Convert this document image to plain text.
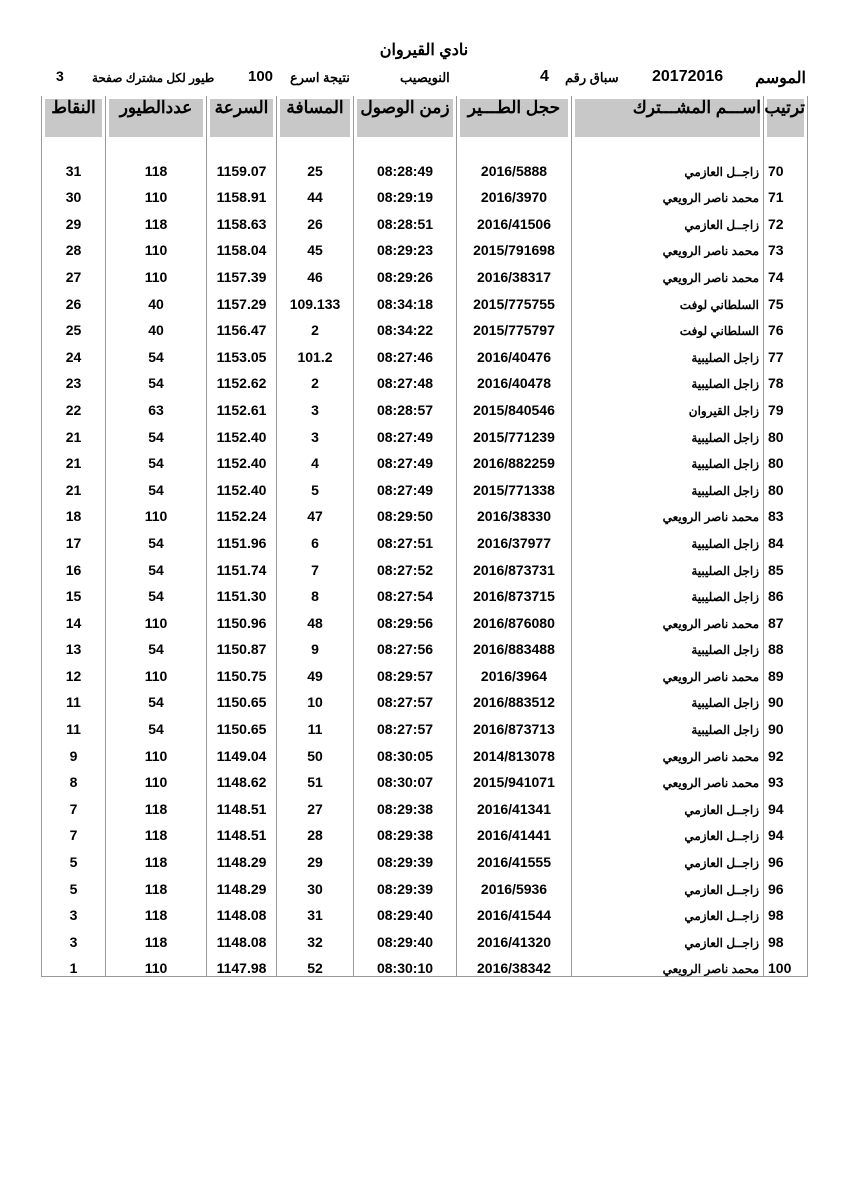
نادي القيروان
الموسم
20172016
سباق رقم
4
النويصيب
نتيجة اسرع
100
طيور لكل مشترك صفحة
3
ترتيب	اســـم المشـــترك	حجل الطـــير	زمن الوصول	المسافة	السرعة	عددالطيور	النقاط
70	زاجــل العازمي	2016/5888	08:28:49	25	1159.07	118	31
71	محمد ناصر الرويعي	2016/3970	08:29:19	44	1158.91	110	30
72	زاجــل العازمي	2016/41506	08:28:51	26	1158.63	118	29
73	محمد ناصر الرويعي	2015/791698	08:29:23	45	1158.04	110	28
74	محمد ناصر الرويعي	2016/38317	08:29:26	46	1157.39	110	27
75	السلطاني لوفت	2015/775755	08:34:18	109.133	1157.29	40	26
76	السلطاني لوفت	2015/775797	08:34:22	2	1156.47	40	25
77	زاجل الصليبية	2016/40476	08:27:46	101.2	1153.05	54	24
78	زاجل الصليبية	2016/40478	08:27:48	2	1152.62	54	23
79	زاجل القيروان	2015/840546	08:28:57	3	1152.61	63	22
80	زاجل الصليبية	2015/771239	08:27:49	3	1152.40	54	21
80	زاجل الصليبية	2016/882259	08:27:49	4	1152.40	54	21
80	زاجل الصليبية	2015/771338	08:27:49	5	1152.40	54	21
83	محمد ناصر الرويعي	2016/38330	08:29:50	47	1152.24	110	18
84	زاجل الصليبية	2016/37977	08:27:51	6	1151.96	54	17
85	زاجل الصليبية	2016/873731	08:27:52	7	1151.74	54	16
86	زاجل الصليبية	2016/873715	08:27:54	8	1151.30	54	15
87	محمد ناصر الرويعي	2016/876080	08:29:56	48	1150.96	110	14
88	زاجل الصليبية	2016/883488	08:27:56	9	1150.87	54	13
89	محمد ناصر الرويعي	2016/3964	08:29:57	49	1150.75	110	12
90	زاجل الصليبية	2016/883512	08:27:57	10	1150.65	54	11
90	زاجل الصليبية	2016/873713	08:27:57	11	1150.65	54	11
92	محمد ناصر الرويعي	2014/813078	08:30:05	50	1149.04	110	9
93	محمد ناصر الرويعي	2015/941071	08:30:07	51	1148.62	110	8
94	زاجــل العازمي	2016/41341	08:29:38	27	1148.51	118	7
94	زاجــل العازمي	2016/41441	08:29:38	28	1148.51	118	7
96	زاجــل العازمي	2016/41555	08:29:39	29	1148.29	118	5
96	زاجــل العازمي	2016/5936	08:29:39	30	1148.29	118	5
98	زاجــل العازمي	2016/41544	08:29:40	31	1148.08	118	3
98	زاجــل العازمي	2016/41320	08:29:40	32	1148.08	118	3
100	محمد ناصر الرويعي	2016/38342	08:30:10	52	1147.98	110	1
